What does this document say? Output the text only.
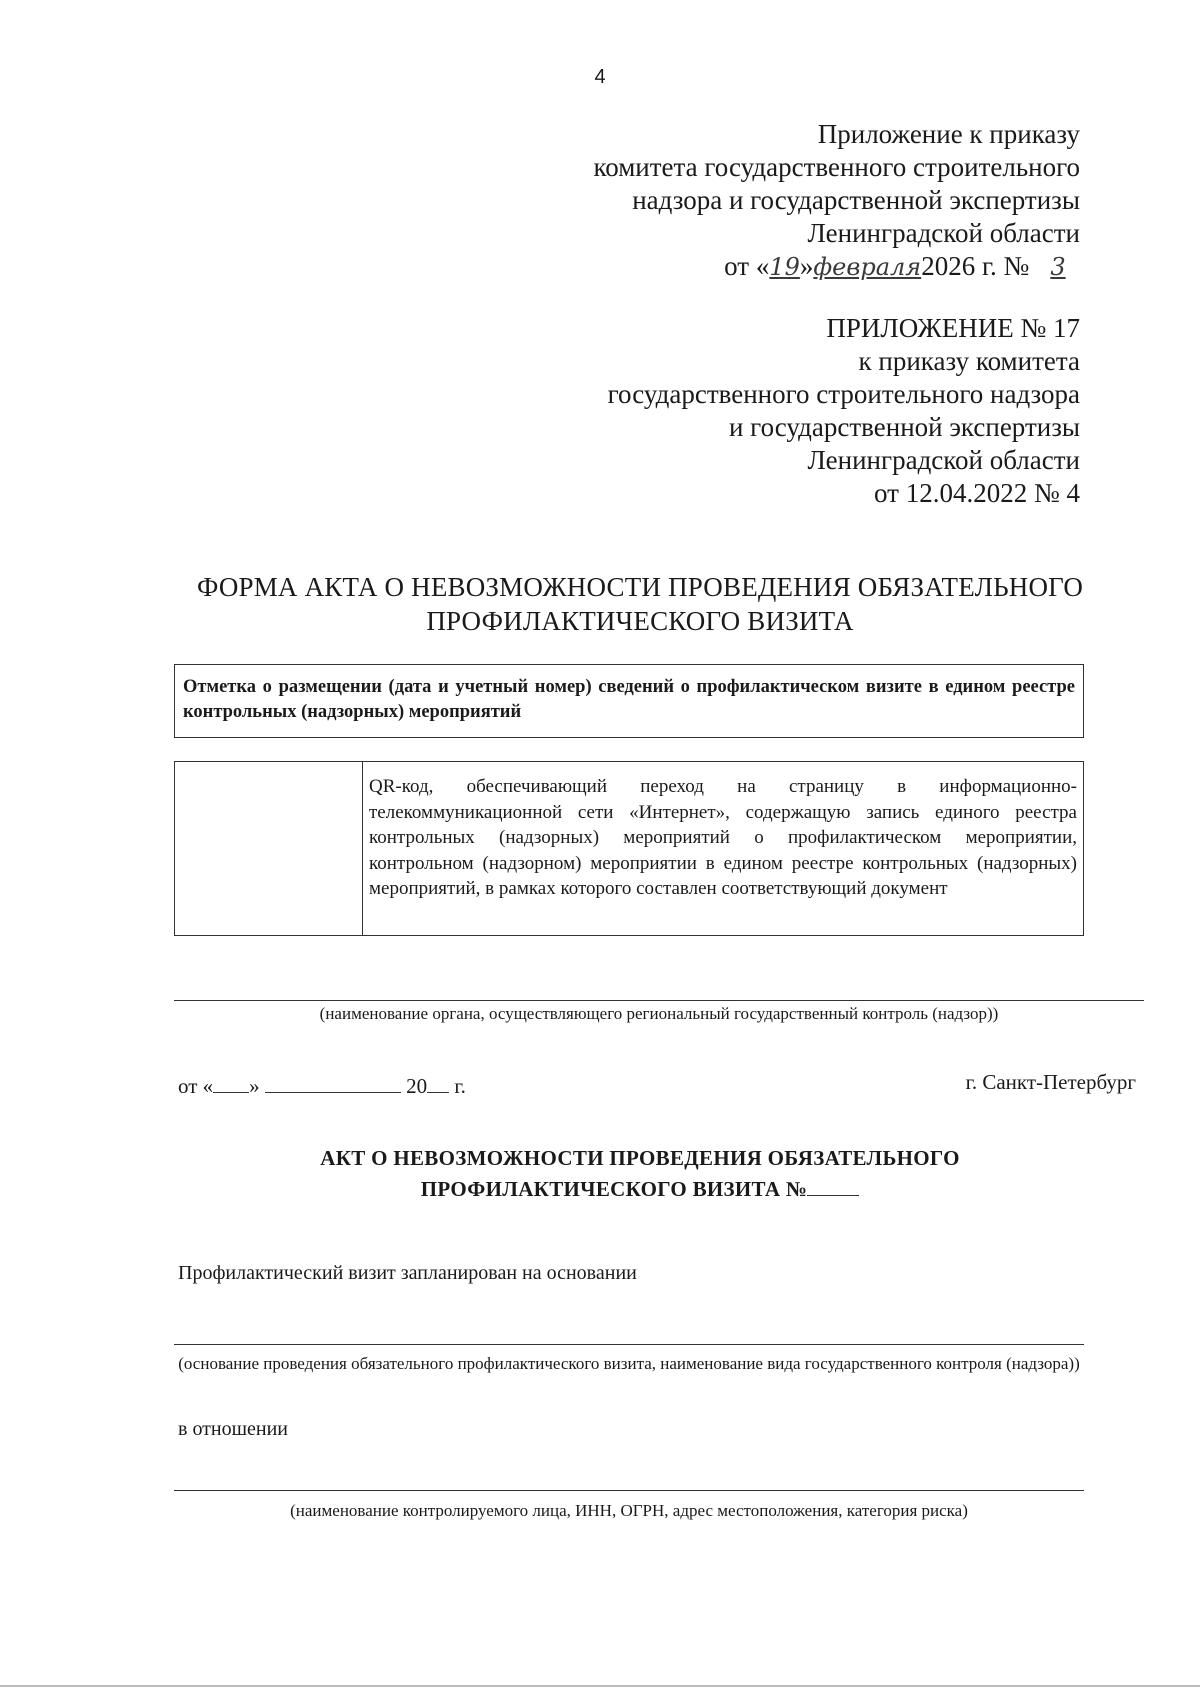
4
Приложение к приказу
комитета государственного строительного
надзора и государственной экспертизы
Ленинградской области
от «19»февраля2026 г. № 3
ПРИЛОЖЕНИЕ № 17
к приказу комитета
государственного строительного надзора
и государственной экспертизы
Ленинградской области
от 12.04.2022 № 4
ФОРМА АКТА О НЕВОЗМОЖНОСТИ ПРОВЕДЕНИЯ ОБЯЗАТЕЛЬНОГО
ПРОФИЛАКТИЧЕСКОГО ВИЗИТА
Отметка о размещении (дата и учетный номер) сведений о профилактическом визите в едином реестре контрольных (надзорных) мероприятий
QR-код, обеспечивающий переход на страницу в информационно-телекоммуникационной сети «Интернет», содержащую запись единого реестра контрольных (надзорных) мероприятий о профилактическом мероприятии, контрольном (надзорном) мероприятии в едином реестре контрольных (надзорных) мероприятий, в рамках которого составлен соответствующий документ
(наименование органа, осуществляющего региональный государственный контроль (надзор))
от « »	20 г.	г. Санкт-Петербург
АКТ О НЕВОЗМОЖНОСТИ ПРОВЕДЕНИЯ ОБЯЗАТЕЛЬНОГО
ПРОФИЛАКТИЧЕСКОГО ВИЗИТА №
Профилактический визит запланирован на основании
(основание проведения обязательного профилактического визита, наименование вида государственного контроля (надзора))
в отношении
(наименование контролируемого лица, ИНН, ОГРН, адрес местоположения, категория риска)
